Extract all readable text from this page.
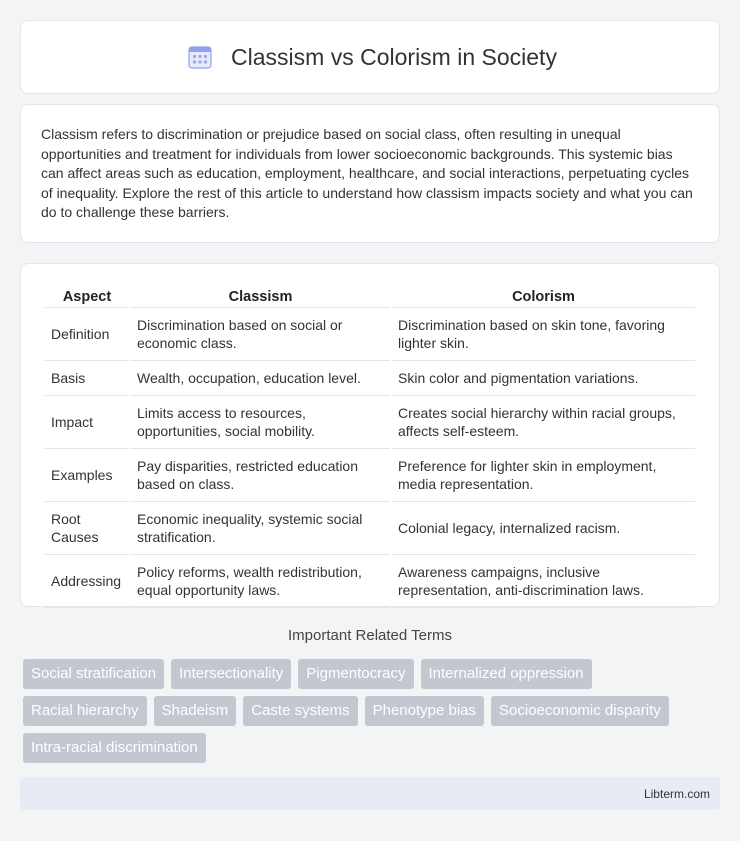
Classism vs Colorism in Society

Classism refers to discrimination or prejudice based on social class, often resulting in unequal opportunities and treatment for individuals from lower socioeconomic backgrounds. This systemic bias can affect areas such as education, employment, healthcare, and social interactions, perpetuating cycles of inequality. Explore the rest of this article to understand how classism impacts society and what you can do to challenge these barriers.

Aspect	Classism	Colorism
Definition	Discrimination based on social or economic class.	Discrimination based on skin tone, favoring lighter skin.
Basis	Wealth, occupation, education level.	Skin color and pigmentation variations.
Impact	Limits access to resources, opportunities, social mobility.	Creates social hierarchy within racial groups, affects self-esteem.
Examples	Pay disparities, restricted education based on class.	Preference for lighter skin in employment, media representation.
Root Causes	Economic inequality, systemic social stratification.	Colonial legacy, internalized racism.
Addressing	Policy reforms, wealth redistribution, equal opportunity laws.	Awareness campaigns, inclusive representation, anti-discrimination laws.
Important Related Terms
Social stratification	Intersectionality	Pigmentocracy	Internalized oppression
Racial hierarchy	Shadeism	Caste systems	Phenotype bias	Socioeconomic disparity
Intra-racial discrimination
Libterm.com
